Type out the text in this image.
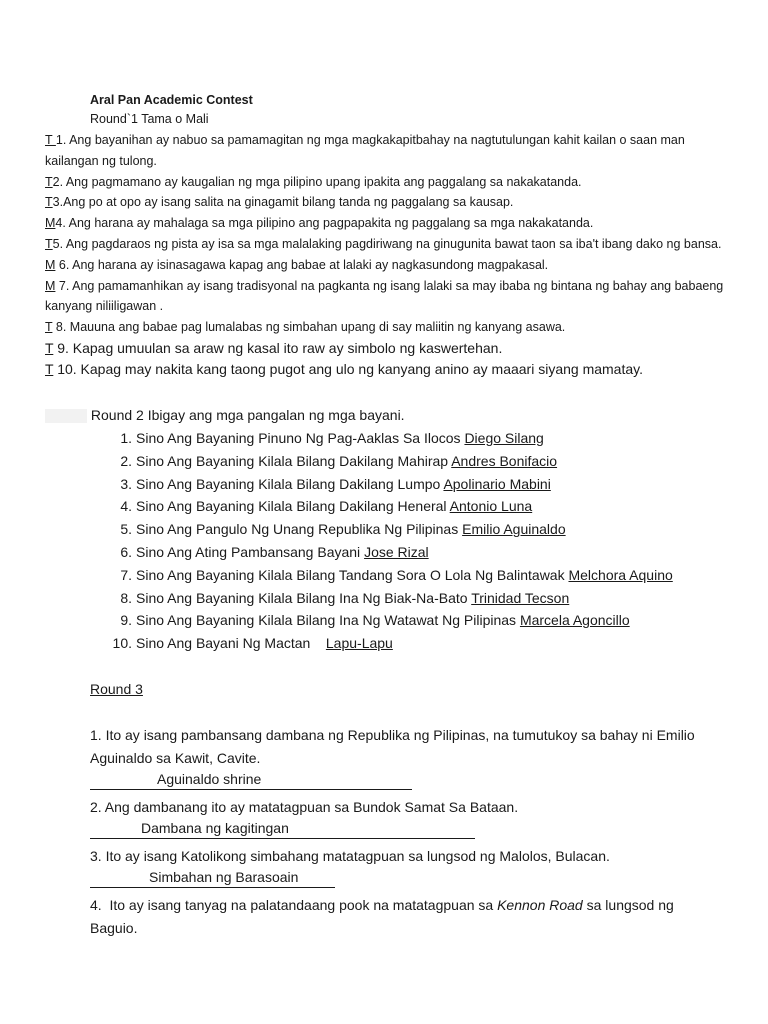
Aral Pan Academic Contest
Round`1 Tama o Mali

T 1. Ang bayanihan ay nabuo sa pamamagitan ng mga magkakapitbahay na nagtutulungan kahit kailan o saan man kailangan ng tulong.

T2. Ang pagmamano ay kaugalian ng mga pilipino upang ipakita ang paggalang sa nakakatanda.

T3.Ang po at opo ay isang salita na ginagamit bilang tanda ng paggalang sa kausap.

M4. Ang harana ay mahalaga sa mga pilipino ang pagpapakita ng paggalang sa mga nakakatanda.

T5. Ang pagdaraos ng pista ay isa sa mga malalaking pagdiriwang na ginugunita bawat taon sa iba't ibang dako ng bansa.

M 6. Ang harana ay isinasagawa kapag ang babae at lalaki ay nagkasundong magpakasal.

M 7. Ang pamamanhikan ay isang tradisyonal na pagkanta ng isang lalaki sa may ibaba ng bintana ng bahay ang babaeng kanyang niliiligawan .

T 8. Mauuna ang babae pag lumalabas ng simbahan upang di say maliitin ng kanyang asawa.

T 9. Kapag umuulan sa araw ng kasal ito raw ay simbolo ng kaswertehan.

T 10. Kapag may nakita kang taong pugot ang ulo ng kanyang anino ay maaari siyang mamatay.

Round 2 Ibigay ang mga pangalan ng mga bayani.
1. Sino Ang Bayaning Pinuno Ng Pag-Aaklas Sa Ilocos Diego Silang
2. Sino Ang Bayaning Kilala Bilang Dakilang Mahirap Andres Bonifacio
3. Sino Ang Bayaning Kilala Bilang Dakilang Lumpo Apolinario Mabini
4. Sino Ang Bayaning Kilala Bilang Dakilang Heneral Antonio Luna
5. Sino Ang Pangulo Ng Unang Republika Ng Pilipinas Emilio Aguinaldo
6. Sino Ang Ating Pambansang Bayani Jose Rizal
7. Sino Ang Bayaning Kilala Bilang Tandang Sora O Lola Ng Balintawak Melchora Aquino
8. Sino Ang Bayaning Kilala Bilang Ina Ng Biak-Na-Bato Trinidad Tecson
9. Sino Ang Bayaning Kilala Bilang Ina Ng Watawat Ng Pilipinas Marcela Agoncillo
10. Sino Ang Bayani Ng Mactan    Lapu-Lapu
Round 3

1. Ito ay isang pambansang dambana ng Republika ng Pilipinas, na tumutukoy sa bahay ni Emilio Aguinaldo sa Kawit, Cavite.

Aguinaldo shrine

2. Ang dambanang ito ay matatagpuan sa Bundok Samat Sa Bataan.

Dambana ng kagitingan

3. Ito ay isang Katolikong simbahang matatagpuan sa lungsod ng Malolos, Bulacan.

Simbahan ng Barasoain

4.  Ito ay isang tanyag na palatandaang pook na matatagpuan sa Kennon Road sa lungsod ng Baguio.
